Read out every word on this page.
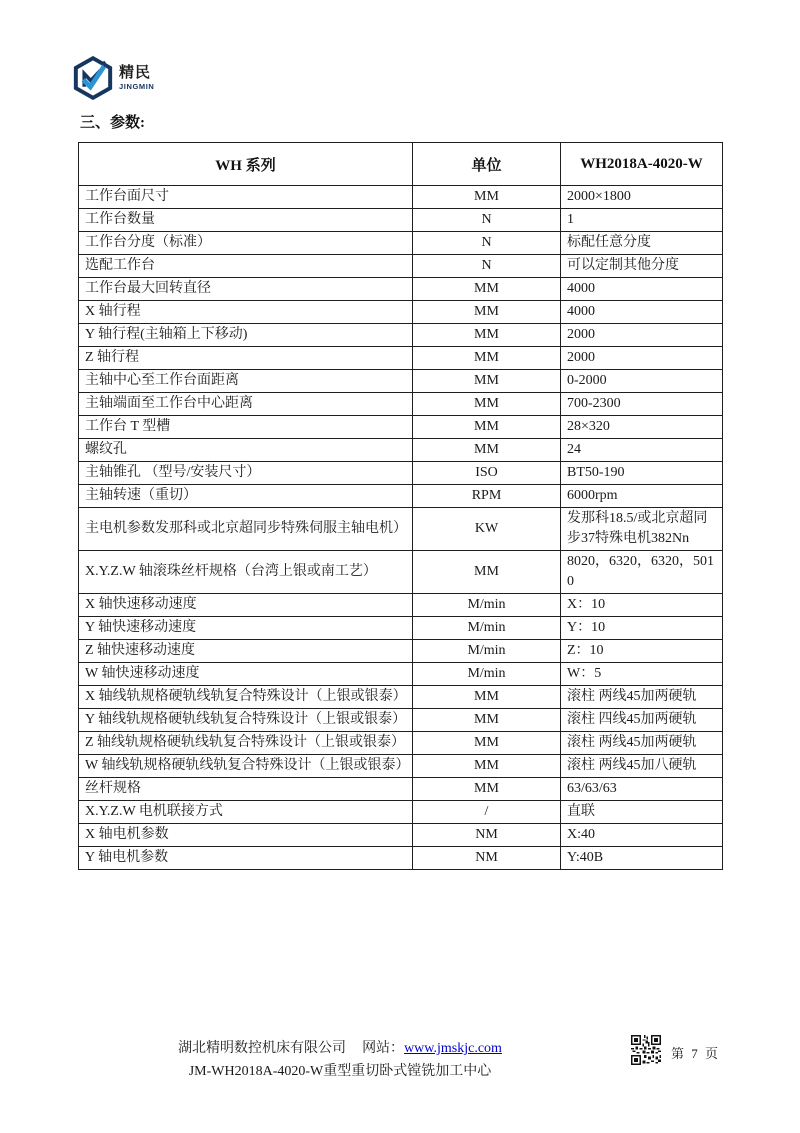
精民
JINGMIN
三、参数:
WH 系列	单位	WH2018A-4020-W
工作台面尺寸	MM	2000×1800
工作台数量	N	1
工作台分度（标准）	N	标配任意分度
选配工作台	N	可以定制其他分度
工作台最大回转直径	MM	4000
X 轴行程	MM	4000
Y 轴行程(主轴箱上下移动)	MM	2000
Z 轴行程	MM	2000
主轴中心至工作台面距离	MM	0-2000
主轴端面至工作台中心距离	MM	700-2300
工作台 T 型槽	MM	28×320
螺纹孔	MM	24
主轴锥孔 （型号/安装尺寸）	ISO	BT50-190
主轴转速（重切）	RPM	6000rpm
主电机参数发那科或北京超同步特殊伺服主轴电机）	KW	发那科18.5/或北京超同步37特殊电机382Nn
X.Y.Z.W 轴滚珠丝杆规格（台湾上银或南工艺）	MM	8020，6320，6320，5010
X 轴快速移动速度	M/min	X：10
Y 轴快速移动速度	M/min	Y：10
Z 轴快速移动速度	M/min	Z：10
W 轴快速移动速度	M/min	W：5
X 轴线轨规格硬轨线轨复合特殊设计（上银或银泰）	MM	滚柱 两线45加两硬轨
Y 轴线轨规格硬轨线轨复合特殊设计（上银或银泰）	MM	滚柱 四线45加两硬轨
Z 轴线轨规格硬轨线轨复合特殊设计（上银或银泰）	MM	滚柱 两线45加两硬轨
W 轴线轨规格硬轨线轨复合特殊设计（上银或银泰）	MM	滚柱 两线45加八硬轨
丝杆规格	MM	63/63/63
X.Y.Z.W 电机联接方式	/	直联
X 轴电机参数	NM	X:40
Y 轴电机参数	NM	Y:40B
湖北精明数控机床有限公司 网站：www.jmskjc.com
JM-WH2018A-4020-W重型重切卧式镗铣加工中心
第 7 页
